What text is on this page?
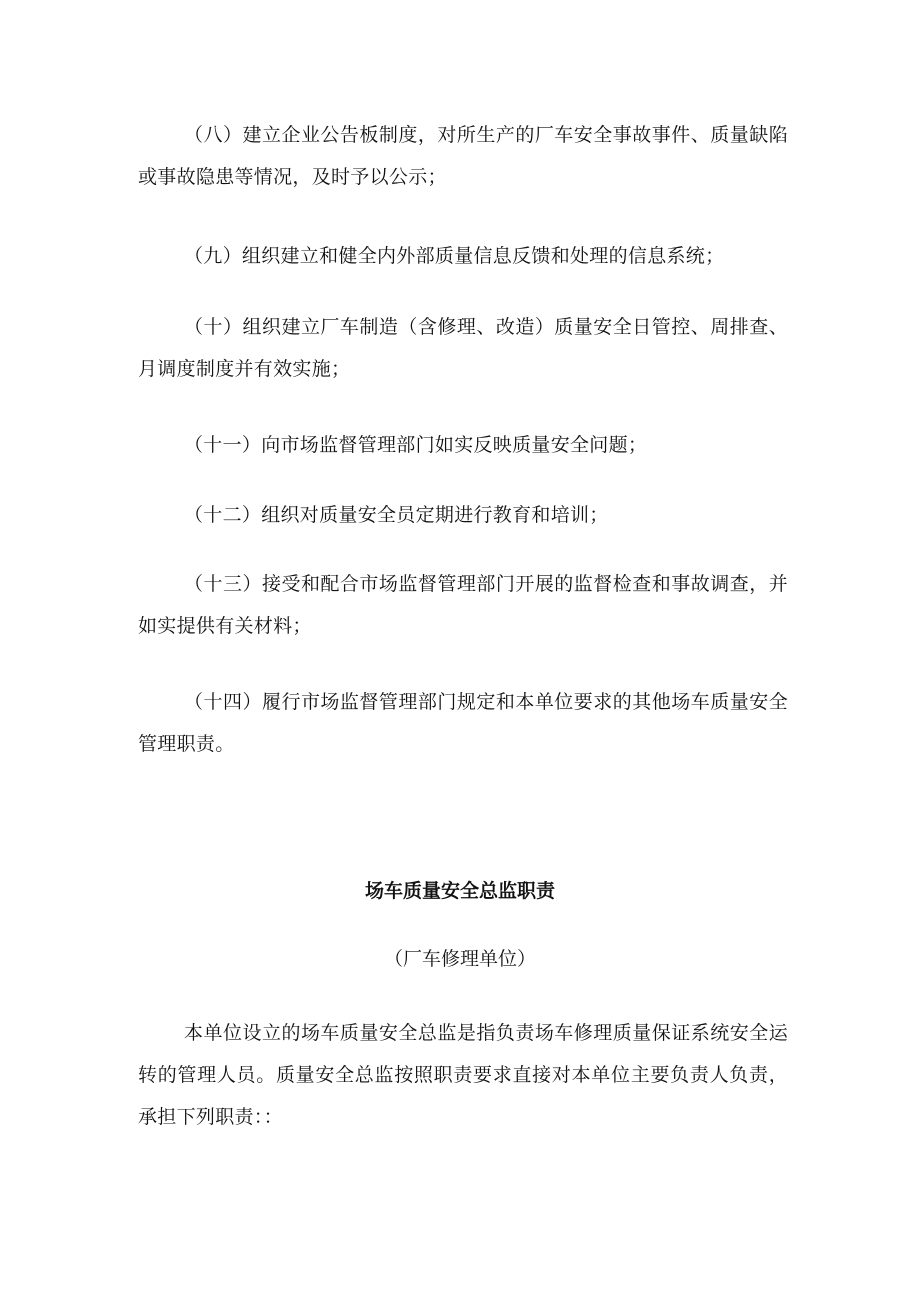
（八）建立企业公告板制度，对所生产的厂车安全事故事件、质量缺陷或事故隐患等情况，及时予以公示；

（九）组织建立和健全内外部质量信息反馈和处理的信息系统；

（十）组织建立厂车制造（含修理、改造）质量安全日管控、周排查、月调度制度并有效实施；

（十一）向市场监督管理部门如实反映质量安全问题；

（十二）组织对质量安全员定期进行教育和培训；

（十三）接受和配合市场监督管理部门开展的监督检查和事故调查，并如实提供有关材料；

（十四）履行市场监督管理部门规定和本单位要求的其他场车质量安全管理职责。

场车质量安全总监职责

（厂车修理单位）

本单位设立的场车质量安全总监是指负责场车修理质量保证系统安全运转的管理人员。质量安全总监按照职责要求直接对本单位主要负责人负责，承担下列职责：：
